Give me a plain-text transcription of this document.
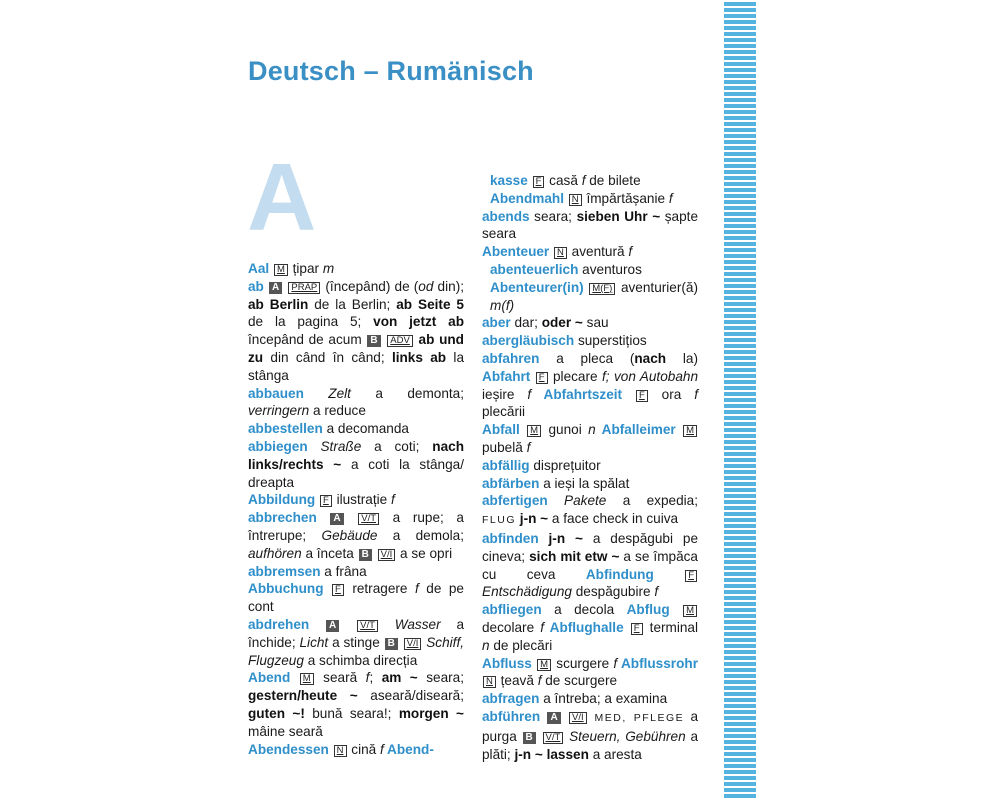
Deutsch – Rumänisch
A

Aal M țipar m

ab A PRÄP (începând) de (od din); ab Berlin de la Berlin; ab Seite 5 de la pagina 5; von jetzt ab începând de acum B ADV ab und zu din când în când; links ab la stânga

abbauen Zelt a demonta; verringern a reduce

abbestellen a decomanda

abbiegen Straße a coti; nach links/rechts ~ a coti la stânga/ dreapta

Abbildung F ilustrație f

abbrechen A V/T a rupe; a întrerupe; Gebäude a demola; aufhören a înceta B V/I a se opri

abbremsen a frâna

Abbuchung F retragere f de pe cont

abdrehen A	V/T Wasser a închide; Licht a stinge B V/I Schiff, Flugzeug a schimba direcția

Abend M seară f; am ~ seara; gestern/heute ~ aseară/diseară; guten ~! bună seara!; morgen ~ mâine seară

Abendessen N cină f Abend-

kasse F casă f de bilete

Abendmahl N împărtășanie f

abends seara; sieben Uhr ~ șapte seara

Abenteuer N aventură f

abenteuerlich aventuros

Abenteurer(in) M(F) aventurier(ă) m(f)

aber dar; oder ~ sau

abergläubisch superstițios

abfahren a pleca (nach la) Abfahrt F plecare f; von Autobahn ieșire f Abfahrtszeit F ora f plecării

Abfall M gunoi n Abfalleimer M pubelă f

abfällig disprețuitor

abfärben a ieși la spălat

abfertigen Pakete a expedia; FLUG j-n ~ a face check in cuiva

abfinden j-n ~ a despăgubi pe cineva; sich mit etw ~ a se împăca cu ceva Abfindung	F Entschädigung despăgubire f

abfliegen a decola Abflug M decolare f Abflughalle F terminal n de plecări

Abfluss M scurgere f Abflussrohr N țeavă f de scurgere

abfragen a întreba; a examina

abführen A V/I MED, PFLEGE a purga B V/T Steuern, Gebühren a plăti; j-n ~ lassen a aresta
